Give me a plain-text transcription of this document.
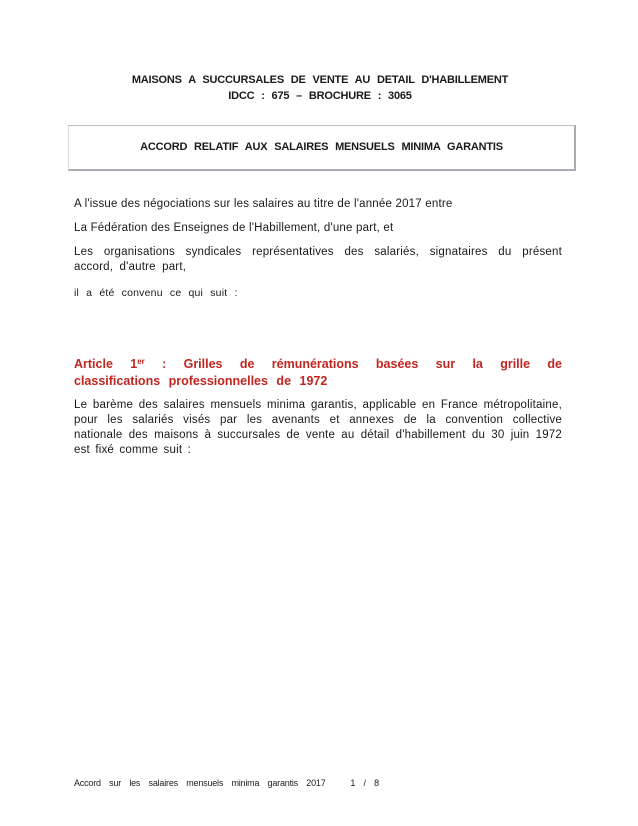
MAISONS A SUCCURSALES DE VENTE AU DETAIL D'HABILLEMENT
IDCC : 675 – BROCHURE : 3065
ACCORD RELATIF AUX SALAIRES MENSUELS MINIMA GARANTIS
A l'issue des négociations sur les salaires au titre de l'année 2017 entre
La Fédération des Enseignes de l'Habillement, d'une part, et
Les organisations syndicales représentatives des salariés, signataires du présent accord, d'autre part,
il a été convenu ce qui suit :
Article 1er : Grilles de rémunérations basées sur la grille de classifications professionnelles de 1972
Le barème des salaires mensuels minima garantis, applicable en France métropolitaine, pour les salariés visés par les avenants et annexes de la convention collective nationale des maisons à succursales de vente au détail d'habillement du 30 juin 1972 est fixé comme suit :
Accord sur les salaires mensuels minima garantis 2017	1 / 8
